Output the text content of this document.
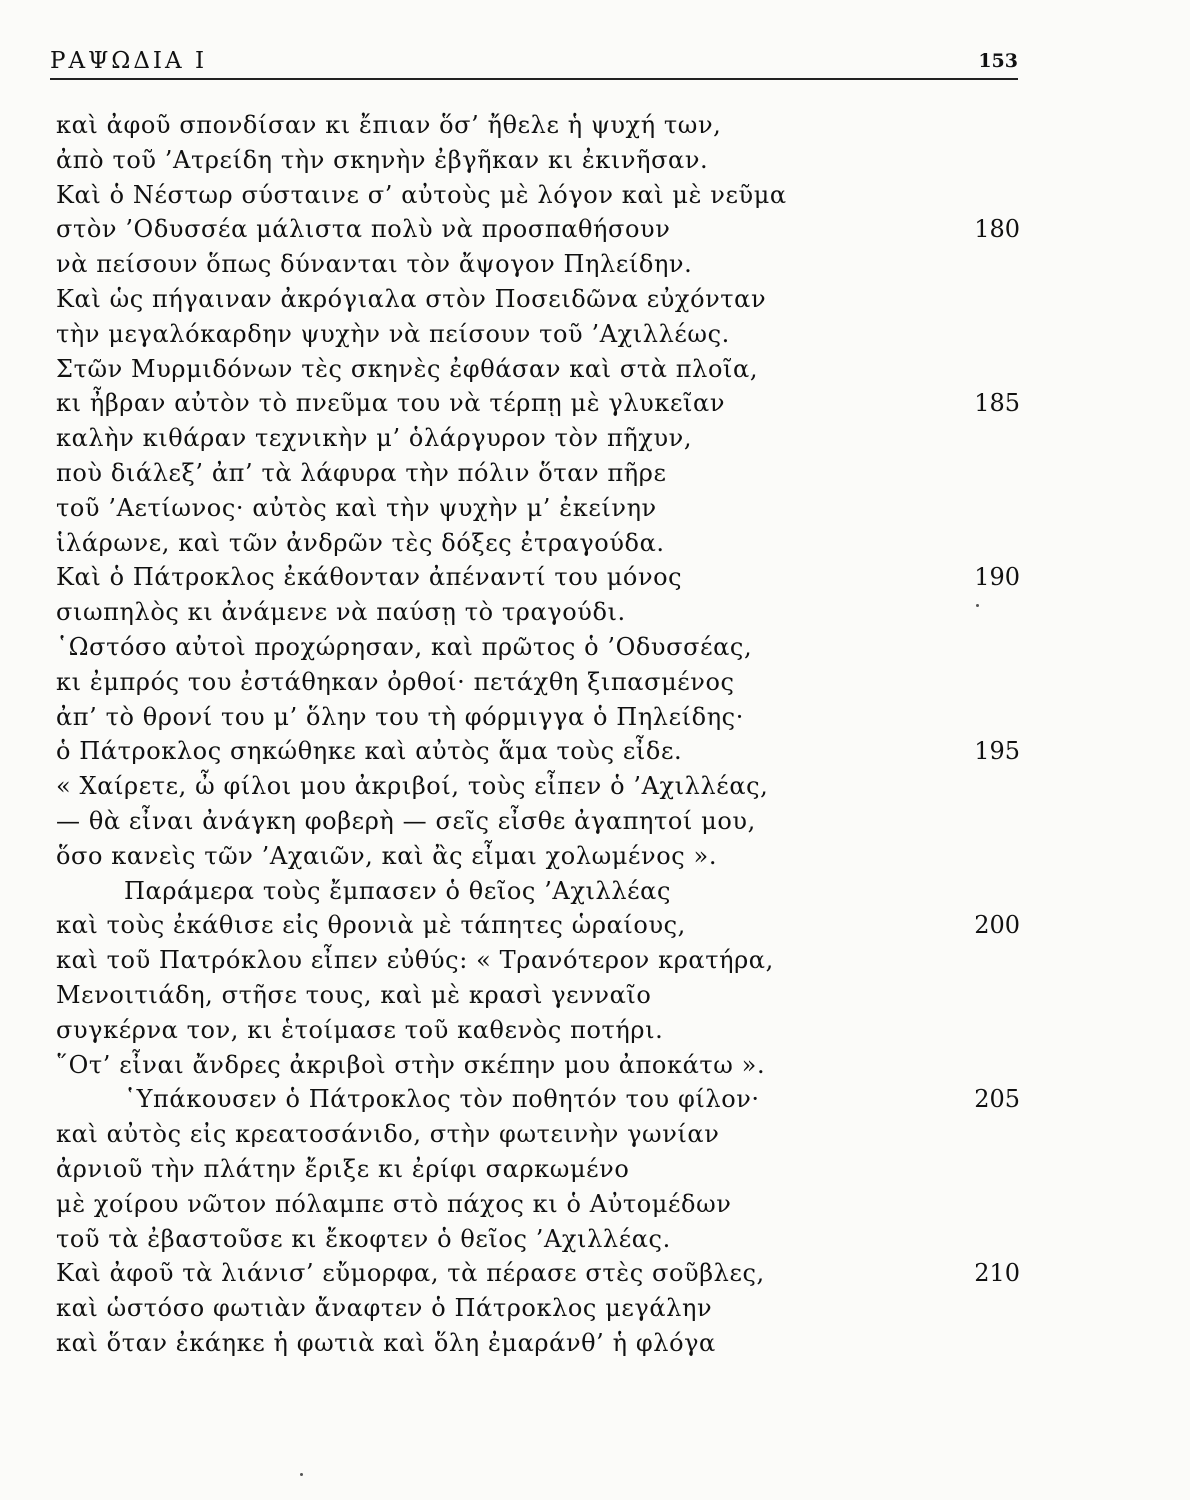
ΡΑΨΩΔΙΑ Ι	153
καὶ ἀφοῦ σπονδίσαν κι ἔπιαν ὅσ’ ἤθελε ἡ ψυχή των,
ἀπὸ τοῦ ’Ατρείδη τὴν σκηνὴν ἐβγῆκαν κι ἐκινῆσαν.
Καὶ ὁ Νέστωρ σύσταινε σ’ αὐτοὺς μὲ λόγον καὶ μὲ νεῦμα
στὸν ’Οδυσσέα μάλιστα πολὺ νὰ προσπαθήσουν	180
νὰ πείσουν ὅπως δύνανται τὸν ἄψογον Πηλείδην.
Καὶ ὡς πήγαιναν ἀκρόγιαλα στὸν Ποσειδῶνα εὐχόνταν
τὴν μεγαλόκαρδην ψυχὴν νὰ πείσουν τοῦ ’Αχιλλέως.
Στῶν Μυρμιδόνων τὲς σκηνὲς ἐφθάσαν καὶ στὰ πλοῖα,
κι ἦβραν αὐτὸν τὸ πνεῦμα του νὰ τέρπῃ μὲ γλυκεῖαν	185
καλὴν κιθάραν τεχνικὴν μ’ ὁλάργυρον τὸν πῆχυν,
ποὺ διάλεξ’ ἀπ’ τὰ λάφυρα τὴν πόλιν ὅταν πῆρε
τοῦ ’Αετίωνος· αὐτὸς καὶ τὴν ψυχὴν μ’ ἐκείνην
ἱλάρωνε, καὶ τῶν ἀνδρῶν τὲς δόξες ἐτραγούδα.
Καὶ ὁ Πάτροκλος ἐκάθονταν ἀπέναντί του μόνος	190
σιωπηλὸς κι ἀνάμενε νὰ παύσῃ τὸ τραγούδι.
῾Ωστόσο αὐτοὶ προχώρησαν, καὶ πρῶτος ὁ ’Οδυσσέας,
κι ἐμπρός του ἐστάθηκαν ὀρθοί· πετάχθη ξιπασμένος
ἀπ’ τὸ θρονί του μ’ ὅλην του τὴ φόρμιγγα ὁ Πηλείδης·
ὁ Πάτροκλος σηκώθηκε καὶ αὐτὸς ἅμα τοὺς εἶδε.	195
« Χαίρετε, ὦ φίλοι μου ἀκριβοί, τοὺς εἶπεν ὁ ’Αχιλλέας,
— θὰ εἶναι ἀνάγκη φοβερὴ — σεῖς εἶσθε ἀγαπητοί μου,
ὅσο κανεὶς τῶν ’Αχαιῶν, καὶ ἂς εἶμαι χολωμένος ».
Παράμερα τοὺς ἔμπασεν ὁ θεῖος ’Αχιλλέας
καὶ τοὺς ἐκάθισε εἰς θρονιὰ μὲ τάπητες ὡραίους,	200
καὶ τοῦ Πατρόκλου εἶπεν εὐθύς: « Τρανότερον κρατήρα,
Μενοιτιάδη, στῆσε τους, καὶ μὲ κρασὶ γενναῖο
συγκέρνα τον, κι ἑτοίμασε τοῦ καθενὸς ποτήρι.
῞Οτ’ εἶναι ἄνδρες ἀκριβοὶ στὴν σκέπην μου ἀποκάτω ».
῾Υπάκουσεν ὁ Πάτροκλος τὸν ποθητόν του φίλον·	205
καὶ αὐτὸς εἰς κρεατοσάνιδο, στὴν φωτεινὴν γωνίαν
ἀρνιοῦ τὴν πλάτην ἔριξε κι ἐρίφι σαρκωμένο
μὲ χοίρου νῶτον πόλαμπε στὸ πάχος κι ὁ Αὐτομέδων
τοῦ τὰ ἐβαστοῦσε κι ἔκοφτεν ὁ θεῖος ’Αχιλλέας.
Καὶ ἀφοῦ τὰ λιάνισ’ εὔμορφα, τὰ πέρασε στὲς σοῦβλες,	210
καὶ ὡστόσο φωτιὰν ἄναφτεν ὁ Πάτροκλος μεγάλην
καὶ ὅταν ἐκάηκε ἡ φωτιὰ καὶ ὅλη ἐμαράνθ’ ἡ φλόγα
